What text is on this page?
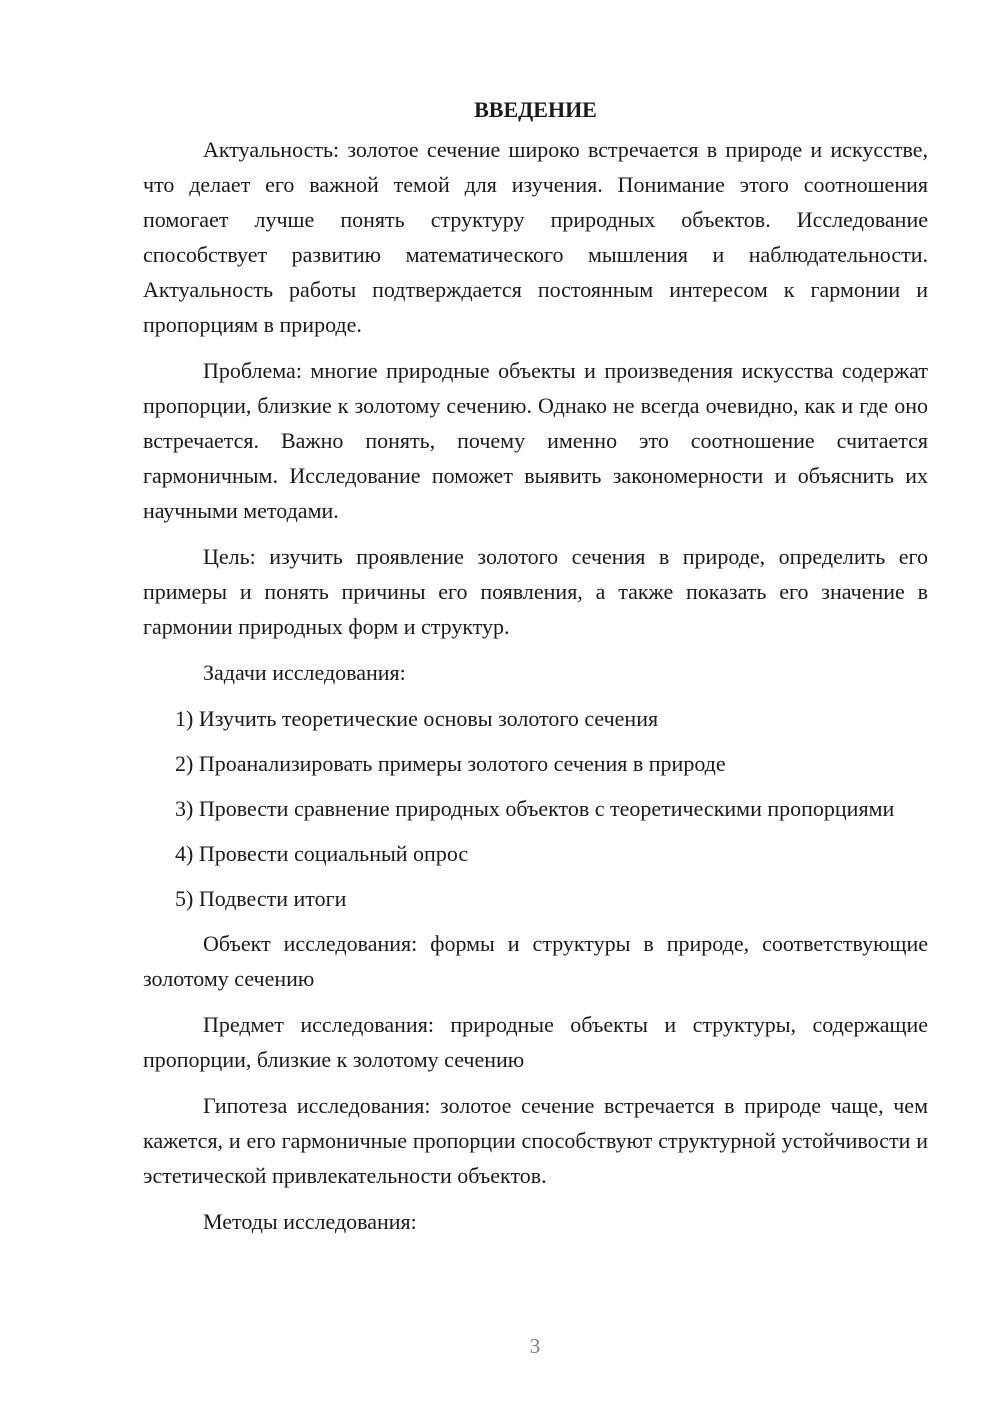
ВВЕДЕНИЕ

Актуальность: золотое сечение широко встречается в природе и искусстве, что делает его важной темой для изучения. Понимание этого соотношения помогает лучше понять структуру природных объектов. Исследование способствует развитию математического мышления и наблюдательности. Актуальность работы подтверждается постоянным интересом к гармонии и пропорциям в природе.

Проблема: многие природные объекты и произведения искусства содержат пропорции, близкие к золотому сечению. Однако не всегда очевидно, как и где оно встречается. Важно понять, почему именно это соотношение считается гармоничным. Исследование поможет выявить закономерности и объяснить их научными методами.

Цель: изучить проявление золотого сечения в природе, определить его примеры и понять причины его появления, а также показать его значение в гармонии природных форм и структур.

Задачи исследования:

1) Изучить теоретические основы золотого сечения

2) Проанализировать примеры золотого сечения в природе

3) Провести сравнение природных объектов с теоретическими пропорциями

4) Провести социальный опрос

5) Подвести итоги

Объект исследования: формы и структуры в природе, соответствующие золотому сечению

Предмет исследования: природные объекты и структуры, содержащие пропорции, близкие к золотому сечению

Гипотеза исследования: золотое сечение встречается в природе чаще, чем кажется, и его гармоничные пропорции способствуют структурной устойчивости и эстетической привлекательности объектов.

Методы исследования:

3
